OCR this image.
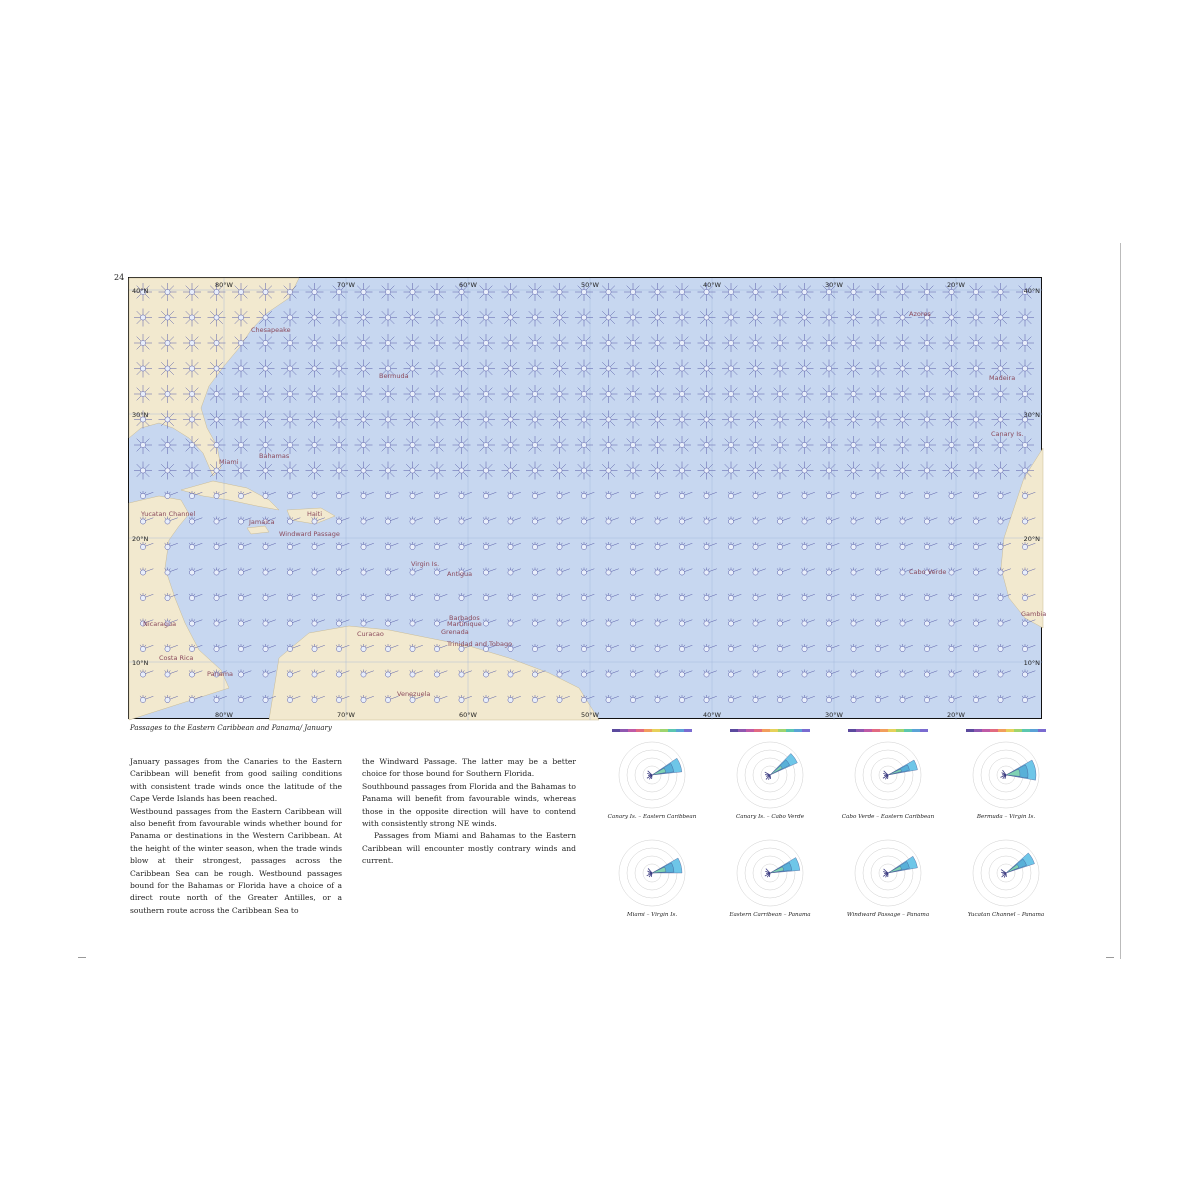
24
Chesapeake
Bermuda
Miami
Bahamas
Yucatan Channel
Jamaica
Haiti
Windward Passage
Virgin Is.
Antigua
Martinique
Barbados
Grenada
Curacao
Trinidad and Tobago
Venezuela
Nicaragua
Costa Rica
Panama
Azores
Madeira
Canary Is.
Cabo Verde
Gambia
80°W
80°W
70°W
70°W
60°W
60°W
50°W
50°W
40°W
40°W
30°W
30°W
20°W
20°W
40°N	40°N
30°N	30°N
20°N	20°N
10°N	10°N
Passages to the Eastern Caribbean and Panama/ January

January passages from the Canaries to the Eastern Caribbean will benefit from good sailing conditions with consistent trade winds once the latitude of the Cape Verde Islands has been reached.

Westbound passages from the Eastern Caribbean will also benefit from favourable winds whether bound for Panama or destinations in the Western Caribbean. At the height of the winter season, when the trade winds blow at their strongest, passages across the Caribbean Sea can be rough. Westbound passages bound for the Bahamas or Florida have a choice of a direct route north of the Greater Antilles, or a southern route across the Caribbean Sea to

the Windward Passage. The latter may be a better choice for those bound for Southern Florida.

Southbound passages from Florida and the Bahamas to Panama will benefit from favourable winds, whereas those in the opposite direction will have to contend with consistently strong NE winds.

Passages from Miami and Bahamas to the Eastern Caribbean will encounter mostly contrary winds and current.

Canary Is. – Eastern Caribbean	Canary Is. – Cabo Verde	Cabo Verde – Eastern Caribbean	Bermuda – Virgin Is.
Miami – Virgin Is.	Eastern Carribean – Panama	Windward Passage – Panama	Yucatan Channel – Panama
